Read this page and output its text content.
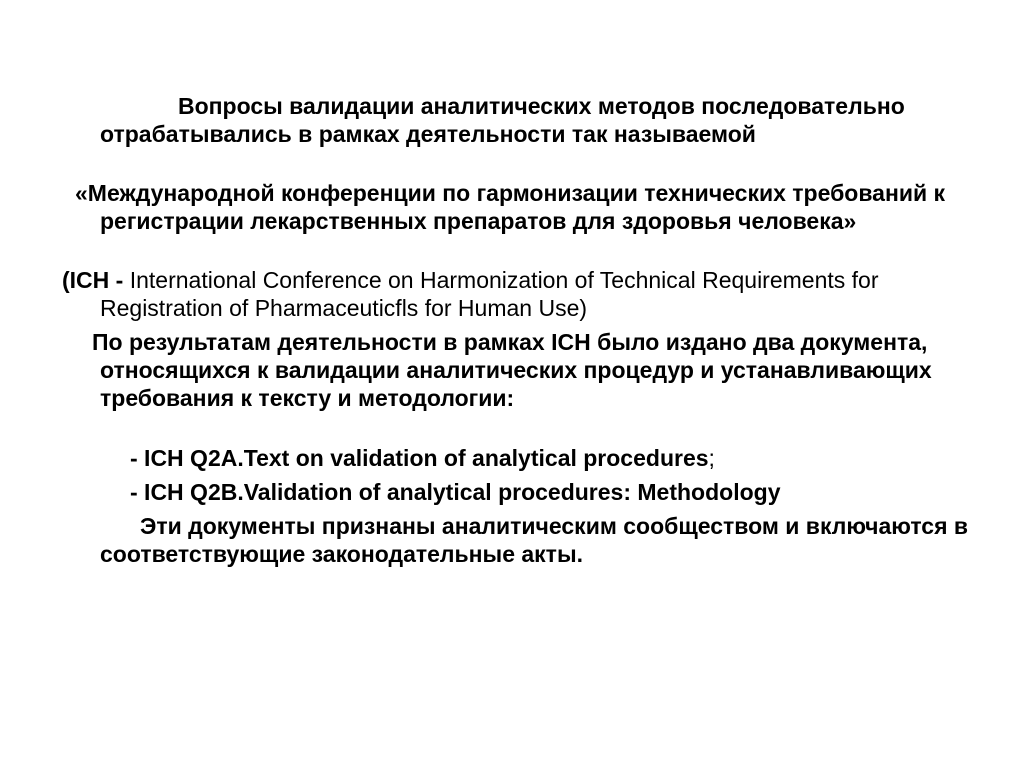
Вопросы валидации аналитических методов последовательно отрабатывались в рамках деятельности так называемой

«Международной конференции по гармонизации технических требований к регистрации лекарственных препаратов для здоровья человека»

(ICH - International Conference on Harmonization of Technical Requirements for Registration of Pharmaceuticfls for Human Use)

По результатам деятельности в рамках ICH было издано два документа, относящихся к валидации аналитических процедур и устанавливающих требования к тексту и методологии:

- ICH Q2A.Text on validation of analytical procedures;

- ICH Q2B.Validation of analytical procedures: Methodology

Эти документы признаны аналитическим сообществом и включаются в соответствующие законодательные акты.
